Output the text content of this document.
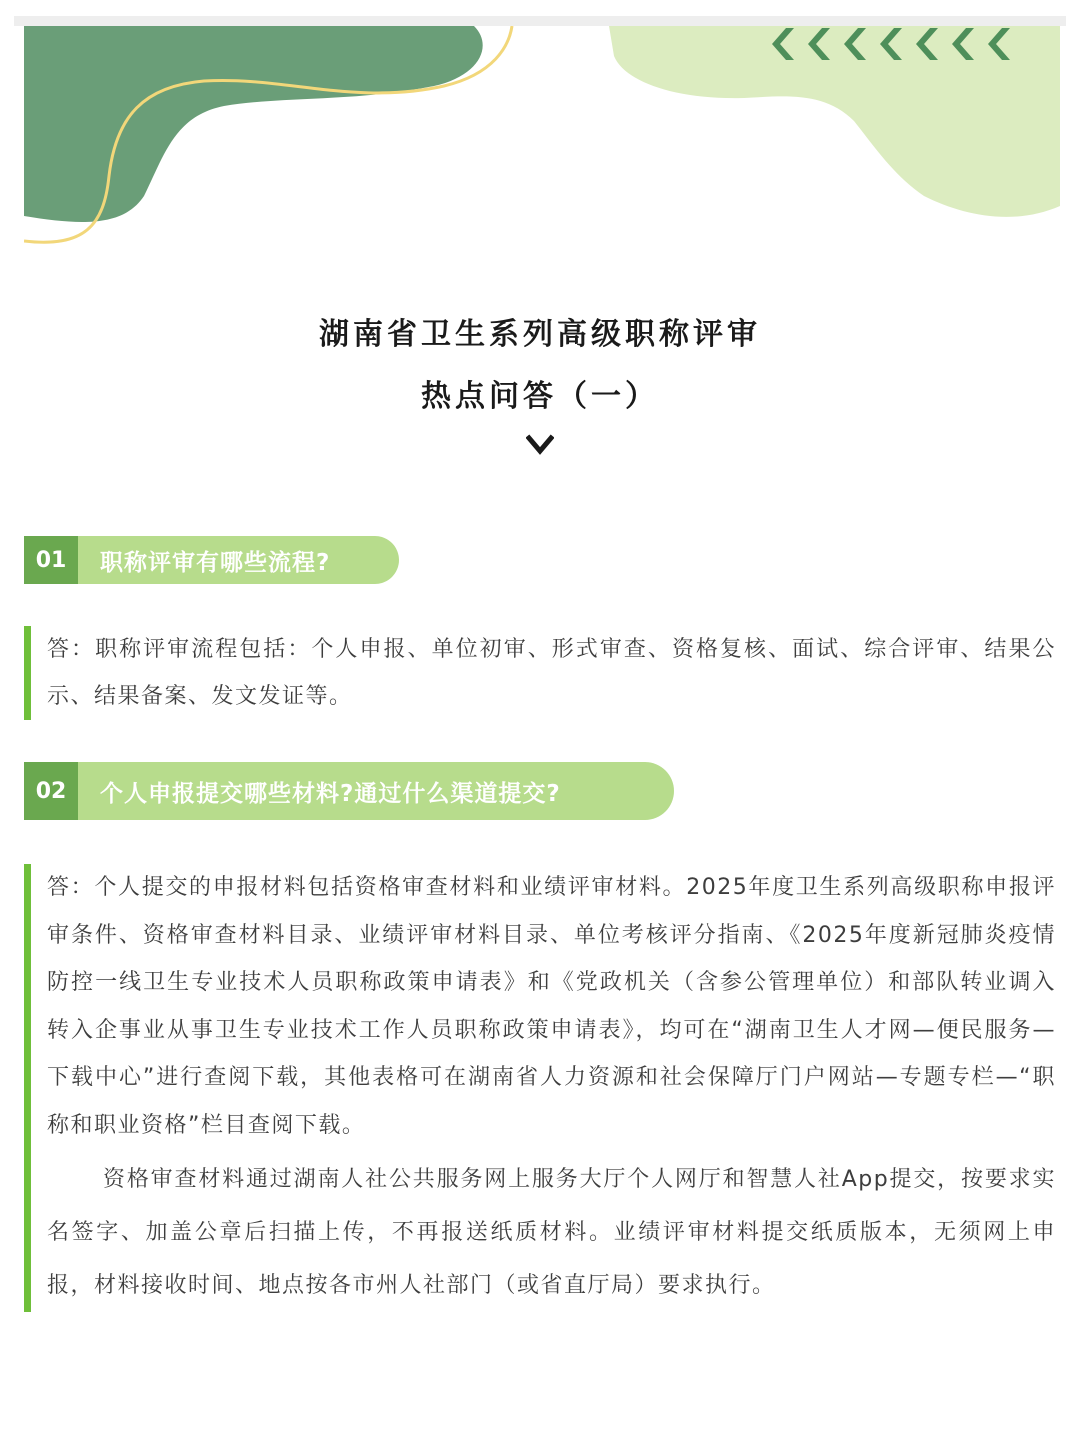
湖南省卫生系列高级职称评审
热点问答（一）
01	职称评审有哪些流程?

答：职称评审流程包括：个人申报、单位初审、形式审查、资格复核、面试、综合评审、结果公示、结果备案、发文发证等。

02	个人申报提交哪些材料?通过什么渠道提交?

答：个人提交的申报材料包括资格审查材料和业绩评审材料。2025年度卫生系列高级职称申报评审条件、资格审查材料目录、业绩评审材料目录、单位考核评分指南、《2025年度新冠肺炎疫情防控一线卫生专业技术人员职称政策申请表》和《党政机关（含参公管理单位）和部队转业调入转入企事业从事卫生专业技术工作人员职称政策申请表》，均可在“湖南卫生人才网—便民服务—下载中心”进行查阅下载，其他表格可在湖南省人力资源和社会保障厅门户网站—专题专栏—“职称和职业资格”栏目查阅下载。

资格审查材料通过湖南人社公共服务网上服务大厅个人网厅和智慧人社App提交，按要求实名签字、加盖公章后扫描上传，不再报送纸质材料。业绩评审材料提交纸质版本，无须网上申报，材料接收时间、地点按各市州人社部门（或省直厅局）要求执行。
